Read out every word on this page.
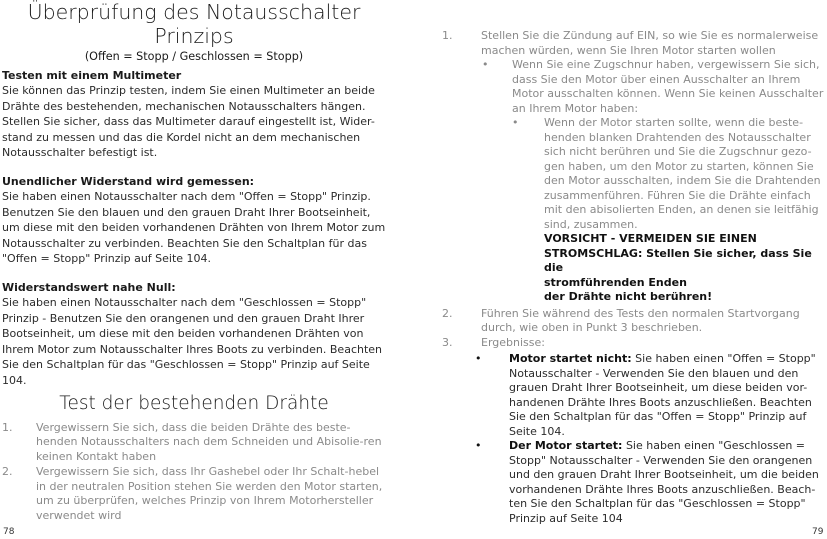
Überprüfung des Notausschalter
Prinzips
(Offen = Stopp / Geschlossen = Stopp)
Testen mit einem Multimeter
Sie können das Prinzip testen, indem Sie einen Multimeter an beide Drähte des bestehenden, mechanischen Notausschalters hängen. Stellen Sie sicher, dass das Multimeter darauf eingestellt ist, Wider-stand zu messen und das die Kordel nicht an dem mechanischen Notausschalter befestigt ist.
Unendlicher Widerstand wird gemessen:
Sie haben einen Notausschalter nach dem "Offen = Stopp" Prinzip. Benutzen Sie den blauen und den grauen Draht Ihrer Bootseinheit, um diese mit den beiden vorhandenen Drähten von Ihrem Motor zum Notausschalter zu verbinden. Beachten Sie den Schaltplan für das "Offen = Stopp" Prinzip auf Seite 104.
Widerstandswert nahe Null:
Sie haben einen Notausschalter nach dem "Geschlossen = Stopp" Prinzip - Benutzen Sie den orangenen und den grauen Draht Ihrer Bootseinheit, um diese mit den beiden vorhandenen Drähten von Ihrem Motor zum Notausschalter Ihres Boots zu verbinden. Beachten Sie den Schaltplan für das "Geschlossen = Stopp" Prinzip auf Seite 104.
Test der bestehenden Drähte
1. Vergewissern Sie sich, dass die beiden Drähte des beste-henden Notausschalters nach dem Schneiden und Abisolie-ren keinen Kontakt haben
2. Vergewissern Sie sich, dass Ihr Gashebel oder Ihr Schalt-hebel in der neutralen Position stehen Sie werden den Motor starten, um zu überprüfen, welches Prinzip von Ihrem Motorhersteller verwendet wird
1.	Stellen Sie die Zündung auf EIN, so wie Sie es normalerweise machen würden, wenn Sie Ihren Motor starten wollen
• Wenn Sie eine Zugschnur haben, vergewissern Sie sich, dass Sie den Motor über einen Ausschalter an Ihrem Motor ausschalten können. Wenn Sie keinen Ausschalter an Ihrem Motor haben:
• Wenn der Motor starten sollte, wenn die beste-henden blanken Drahtenden des Notausschalter sich nicht berühren und Sie die Zugschnur gezo-gen haben, um den Motor zu starten, können Sie den Motor ausschalten, indem Sie die Drahtenden zusammenführen. Führen Sie die Drähte einfach mit den abisolierten Enden, an denen sie leitfähig sind, zusammen.
VORSICHT - VERMEIDEN SIE EINEN
STROMSCHLAG: Stellen Sie sicher, dass Sie die
stromführenden Enden
der Drähte nicht berühren!
2.	Führen Sie während des Tests den normalen Startvorgang durch, wie oben in Punkt 3 beschrieben.
3.	Ergebnisse:
•	Motor startet nicht: Sie haben einen "Offen = Stopp" Notausschalter - Verwenden Sie den blauen und den grauen Draht Ihrer Bootseinheit, um diese beiden vor-handenen Drähte Ihres Boots anzuschließen. Beachten Sie den Schaltplan für das "Offen = Stopp" Prinzip auf Seite 104.
•	Der Motor startet: Sie haben einen "Geschlossen = Stopp" Notausschalter - Verwenden Sie den orangenen und den grauen Draht Ihrer Bootseinheit, um die beiden vorhandenen Drähte Ihres Boots anzuschließen. Beach-ten Sie den Schaltplan für das "Geschlossen = Stopp" Prinzip auf Seite 104
78	79
